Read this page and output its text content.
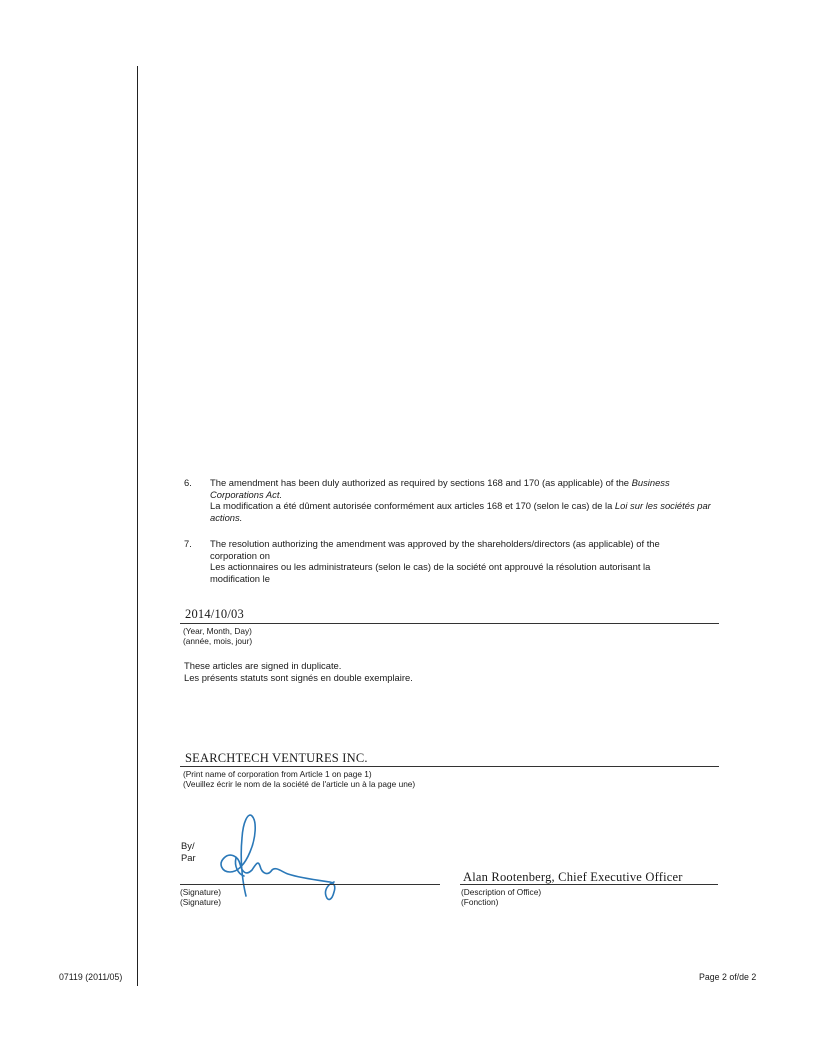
6. The amendment has been duly authorized as required by sections 168 and 170 (as applicable) of the Business Corporations Act.
La modification a été dûment autorisée conformément aux articles 168 et 170 (selon le cas) de la Loi sur les sociétés par actions.
7. The resolution authorizing the amendment was approved by the shareholders/directors (as applicable) of the corporation on
Les actionnaires ou les administrateurs (selon le cas) de la société ont approuvé la résolution autorisant la modification le
2014/10/03
(Year, Month, Day)
(année, mois, jour)
These articles are signed in duplicate.
Les présents statuts sont signés en double exemplaire.
SEARCHTECH VENTURES INC.
(Print name of corporation from Article 1 on page 1)
(Veuillez écrir le nom de la société de l'article un à la page une)
By/
Par
(Signature)
(Signature)
Alan Rootenberg, Chief Executive Officer
(Description of Office)
(Fonction)
07119 (2011/05)	Page 2 of/de 2
